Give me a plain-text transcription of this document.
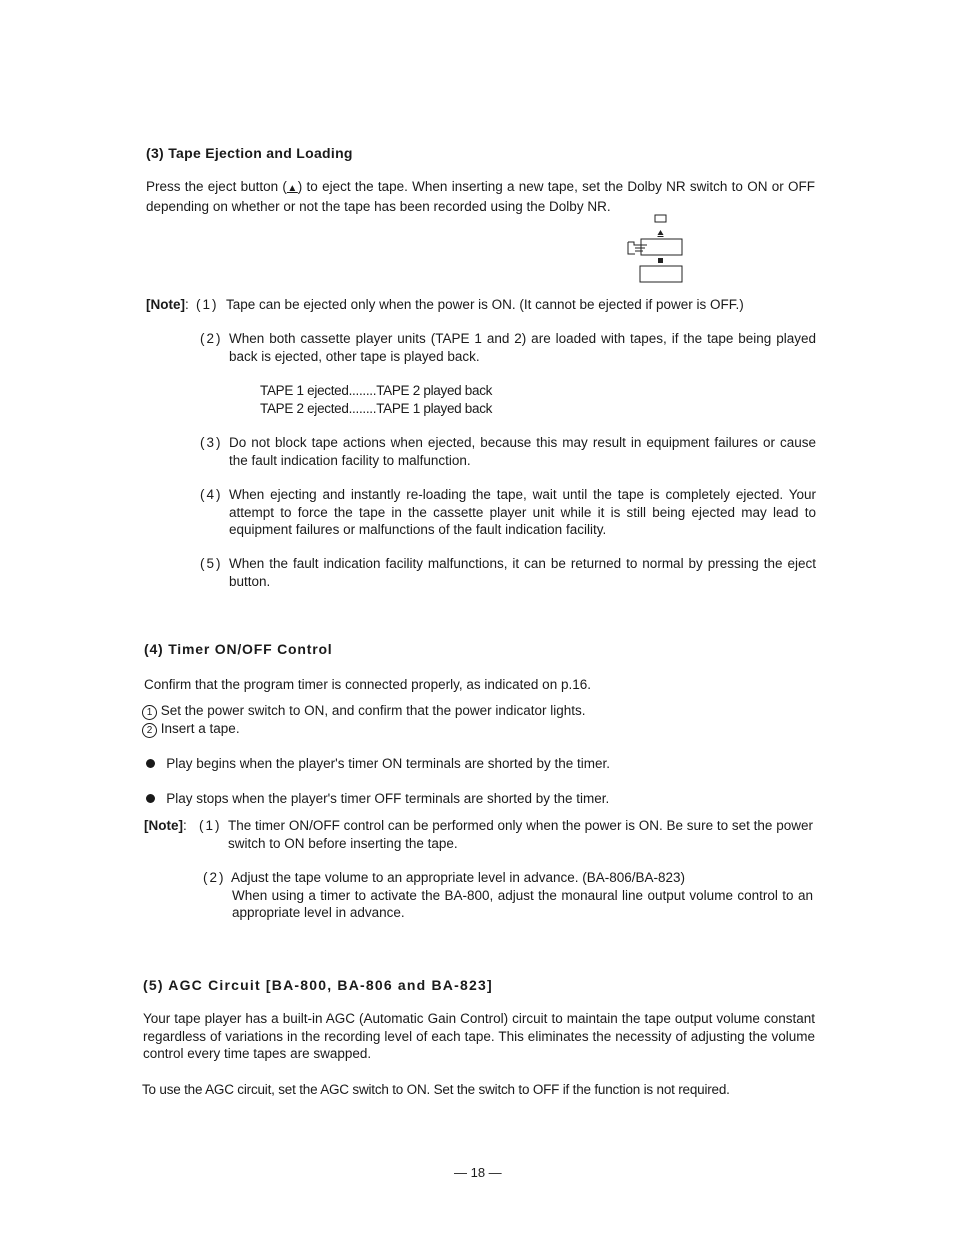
(3) Tape Ejection and Loading
Press the eject button (▲) to eject the tape. When inserting a new tape, set the Dolby NR switch to ON or OFF depending on whether or not the tape has been recorded using the Dolby NR.
[Note]: (1) Tape can be ejected only when the power is ON. (It cannot be ejected if power is OFF.)
(2) When both cassette player units (TAPE 1 and 2) are loaded with tapes, if the tape being played back is ejected, other tape is played back.
TAPE 1 ejected........TAPE 2 played back
TAPE 2 ejected........TAPE 1 played back
(3) Do not block tape actions when ejected, because this may result in equipment failures or cause the fault indication facility to malfunction.
(4) When ejecting and instantly re-loading the tape, wait until the tape is completely ejected. Your attempt to force the tape in the cassette player unit while it is still being ejected may lead to equipment failures or malfunctions of the fault indication facility.
(5) When the fault indication facility malfunctions, it can be returned to normal by pressing the eject button.
(4) Timer ON/OFF Control
Confirm that the program timer is connected properly, as indicated on p.16.
1 Set the power switch to ON, and confirm that the power indicator lights.
2 Insert a tape.
Play begins when the player's timer ON terminals are shorted by the timer.
Play stops when the player's timer OFF terminals are shorted by the timer.
[Note]: (1) The timer ON/OFF control can be performed only when the power is ON. Be sure to set the power switch to ON before inserting the tape.
(2) Adjust the tape volume to an appropriate level in advance. (BA-806/BA-823)
When using a timer to activate the BA-800, adjust the monaural line output volume control to an appropriate level in advance.
(5) AGC Circuit [BA-800, BA-806 and BA-823]
Your tape player has a built-in AGC (Automatic Gain Control) circuit to maintain the tape output volume constant regardless of variations in the recording level of each tape. This eliminates the necessity of adjusting the volume control every time tapes are swapped.
To use the AGC circuit, set the AGC switch to ON. Set the switch to OFF if the function is not required.
— 18 —
